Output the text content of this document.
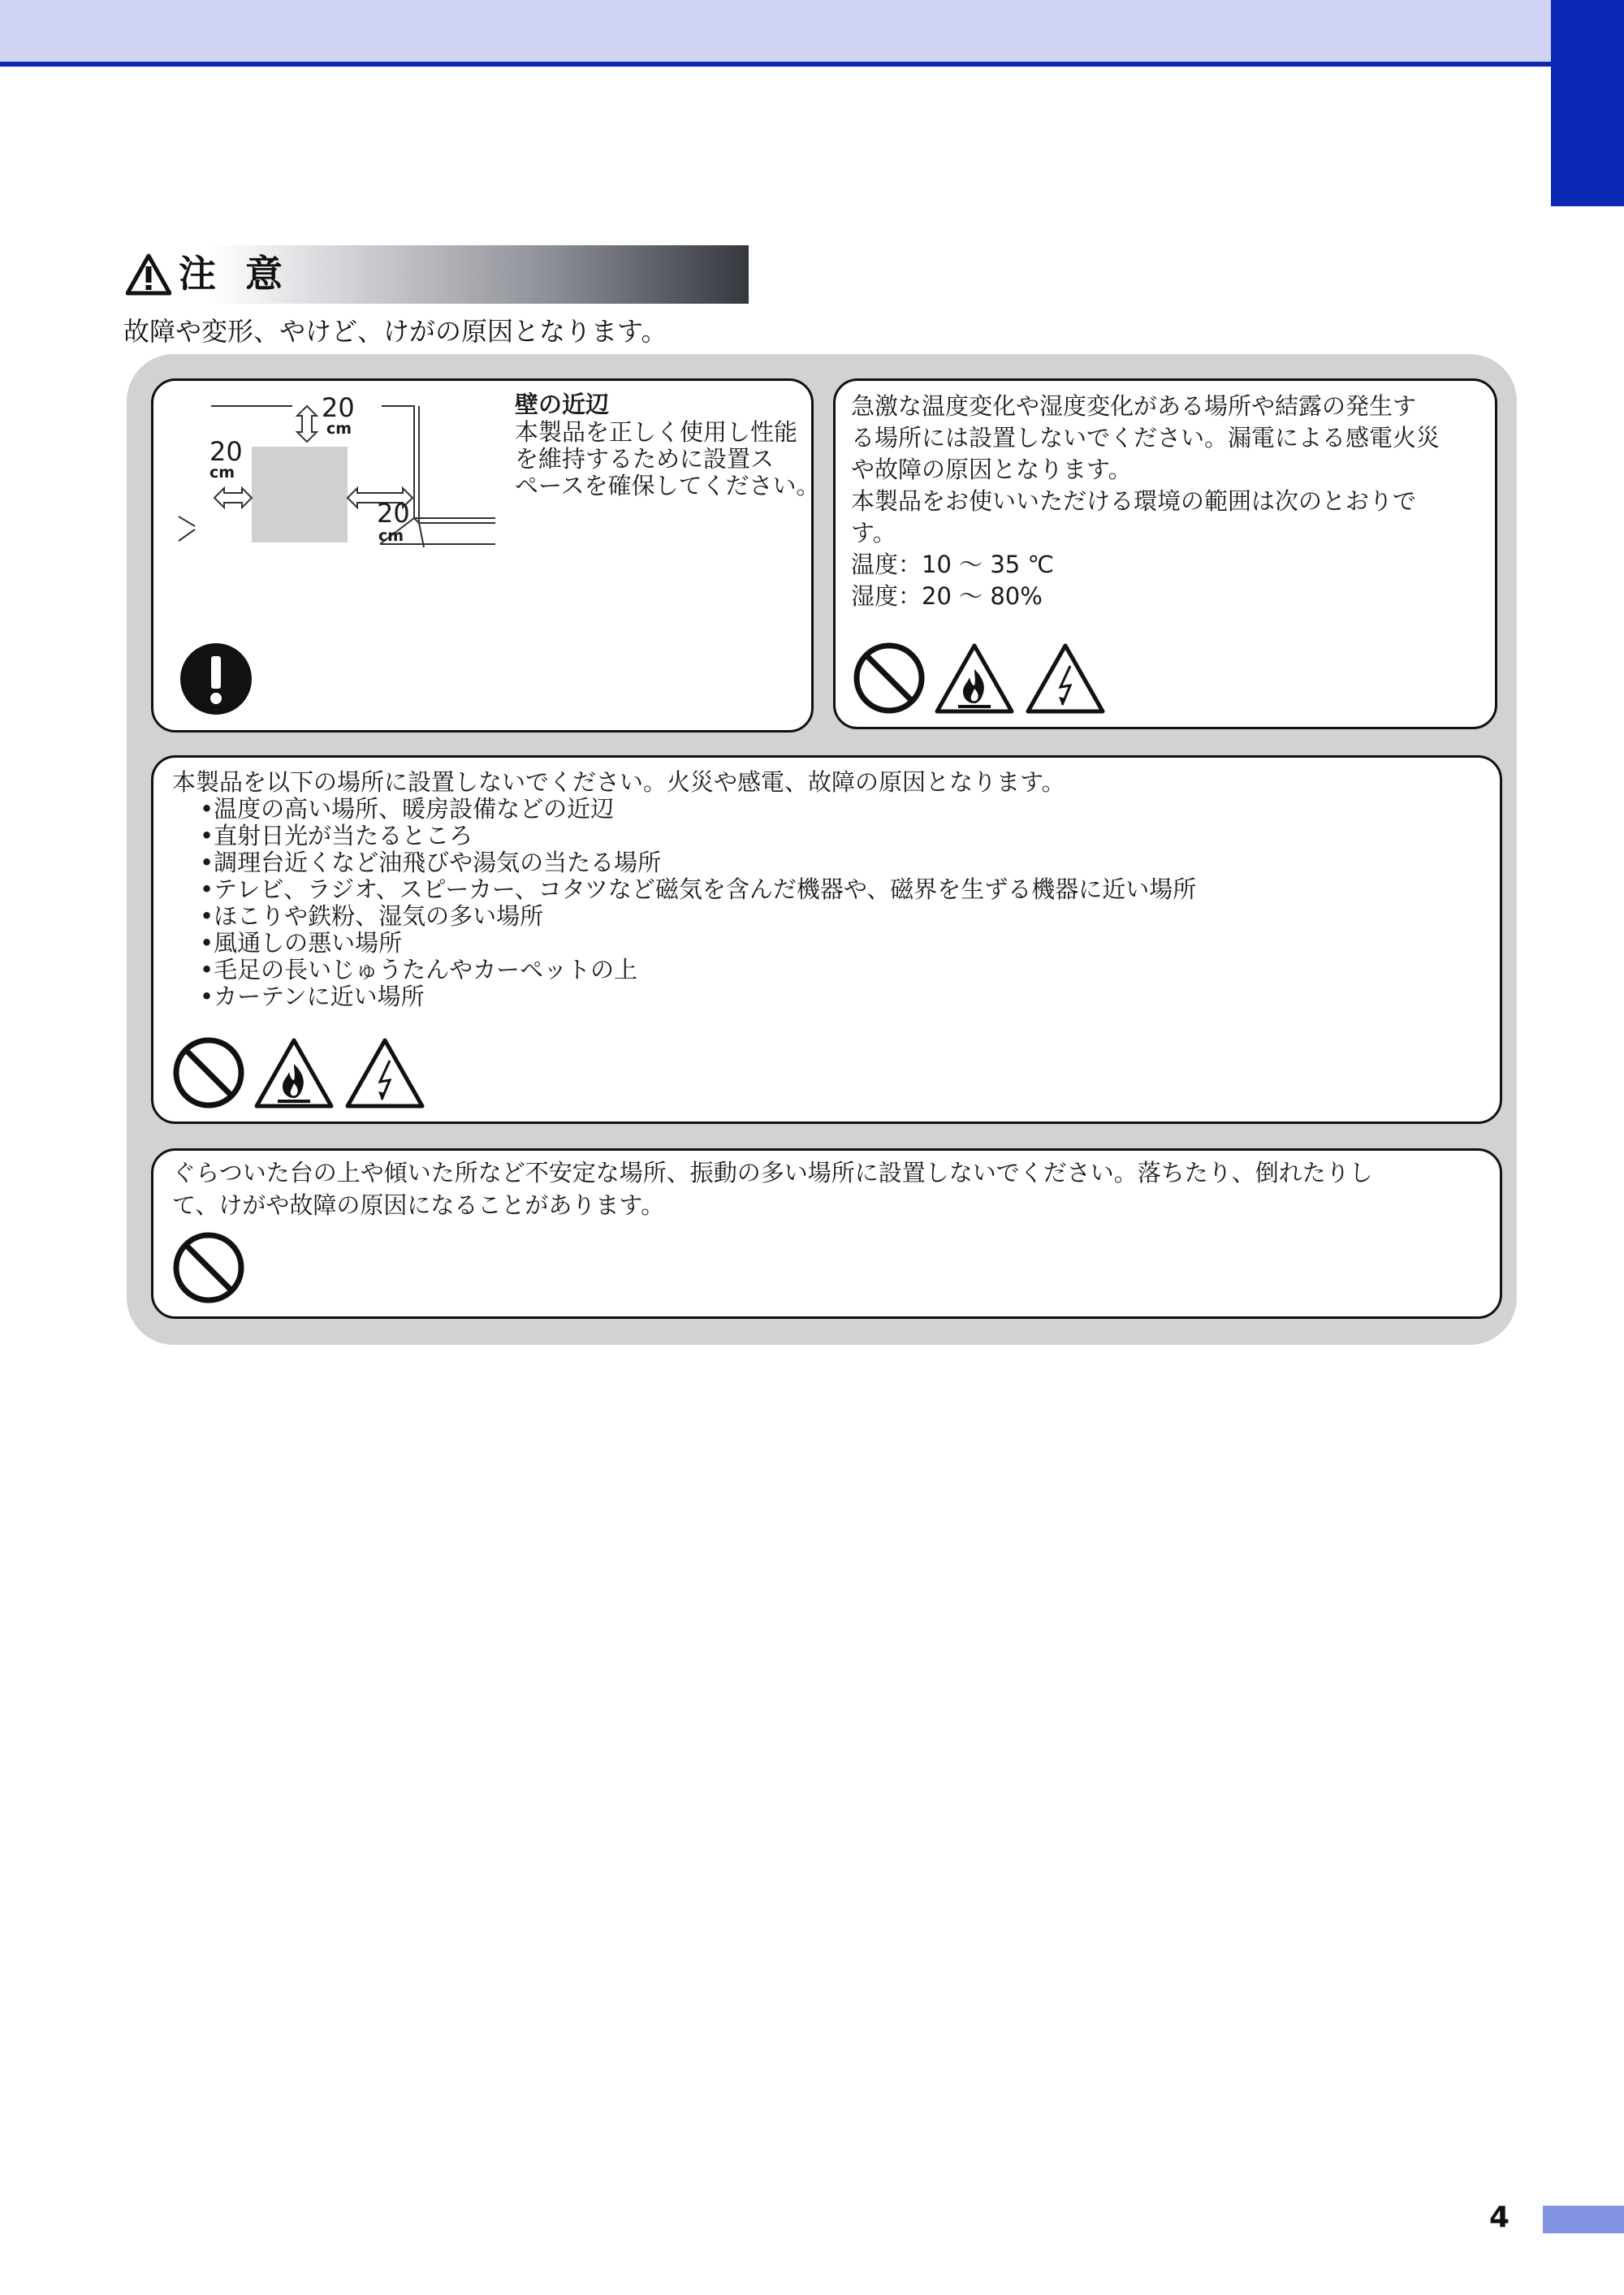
注 意
故障や変形、やけど、けがの原因となります。
20
cm
20
cm
20
cm
壁の近辺
本製品を正しく使用し性能
を維持するために設置ス
ペースを確保してください。
急激な温度変化や湿度変化がある場所や結露の発生す
る場所には設置しないでください。漏電による感電火災
や故障の原因となります。
本製品をお使いいただける環境の範囲は次のとおりで
す。
温度：10 ～ 35 ℃
湿度：20 ～ 80%
本製品を以下の場所に設置しないでください。火災や感電、故障の原因となります。
• 温度の高い場所、暖房設備などの近辺
• 直射日光が当たるところ
• 調理台近くなど油飛びや湯気の当たる場所
• テレビ、ラジオ、スピーカー、コタツなど磁気を含んだ機器や、磁界を生ずる機器に近い場所
• ほこりや鉄粉、湿気の多い場所
• 風通しの悪い場所
• 毛足の長いじゅうたんやカーペットの上
• カーテンに近い場所
ぐらついた台の上や傾いた所など不安定な場所、振動の多い場所に設置しないでください。落ちたり、倒れたりし
て、けがや故障の原因になることがあります。
4
